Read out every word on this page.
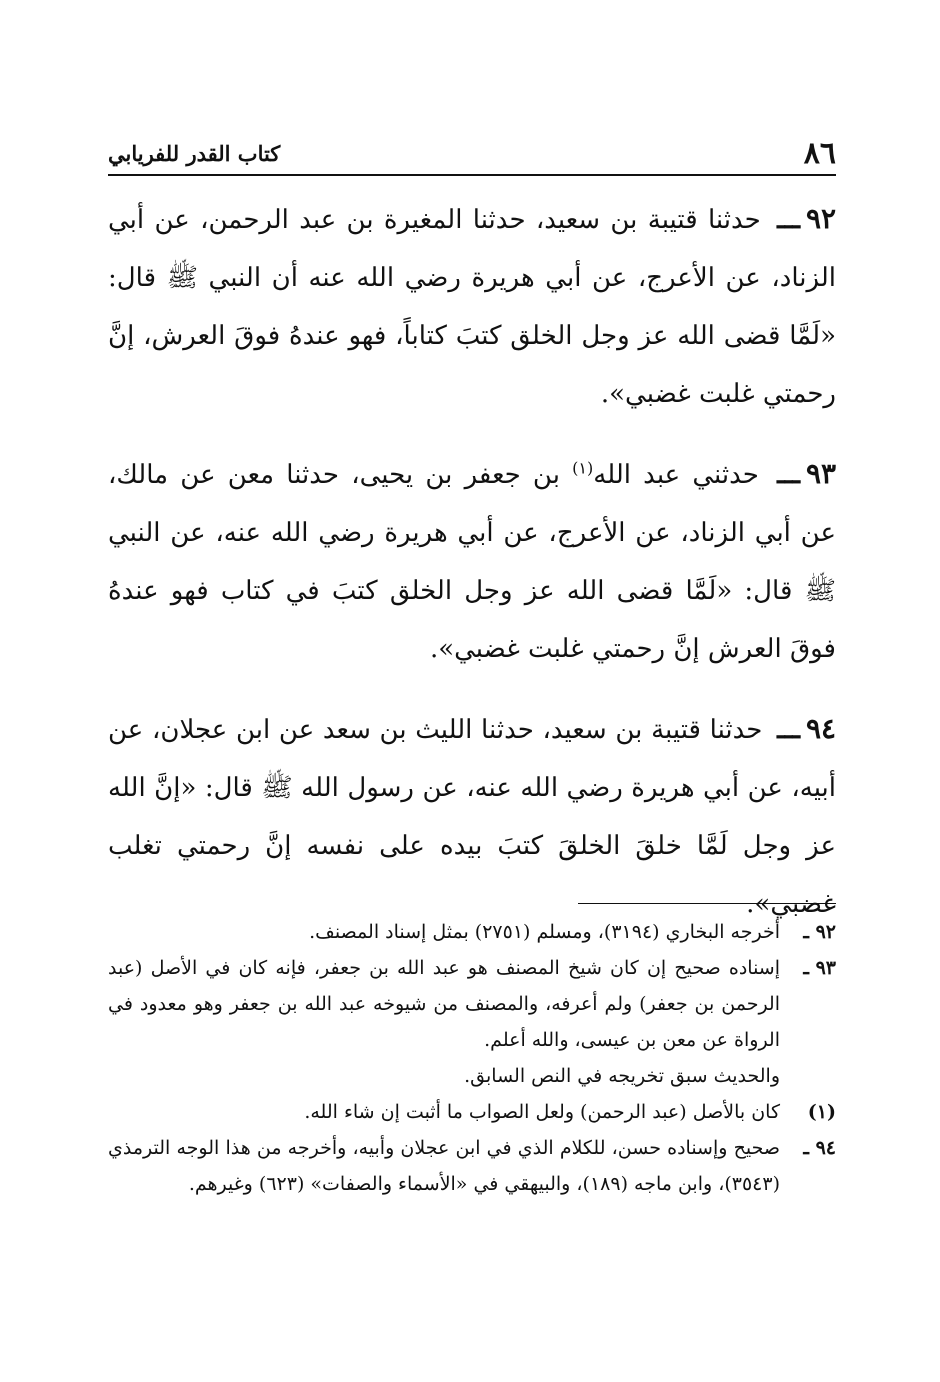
٨٦
كتاب القدر للفريابي

٩٢ـــ حدثنا قتيبة بن سعيد، حدثنا المغيرة بن عبد الرحمن، عن أبي الزناد، عن الأعرج، عن أبي هريرة رضي الله عنه أن النبي ﷺ قال: «لَمَّا قضى الله عز وجل الخلق كتبَ كتاباً، فهو عندهُ فوقَ العرش، إنَّ رحمتي غلبت غضبي».

٩٣ـــ حدثني عبد الله$^{(١)}$ بن جعفر بن يحيى، حدثنا معن عن مالك، عن أبي الزناد، عن الأعرج، عن أبي هريرة رضي الله عنه، عن النبي ﷺ قال: «لَمَّا قضى الله عز وجل الخلق كتبَ في كتاب فهو عندهُ فوقَ العرش إنَّ رحمتي غلبت غضبي».

٩٤ـــ حدثنا قتيبة بن سعيد، حدثنا الليث بن سعد عن ابن عجلان، عن أبيه، عن أبي هريرة رضي الله عنه، عن رسول الله ﷺ قال: «إنَّ الله عز وجل لَمَّا خلقَ الخلقَ كتبَ بيده على نفسه إنَّ رحمتي تغلب غضبي».

٩٢ ـ
أخرجه البخاري (٣١٩٤)، ومسلم (٢٧٥١) بمثل إسناد المصنف.
٩٣ ـ
إسناده صحيح إن كان شيخ المصنف هو عبد الله بن جعفر، فإنه كان في الأصل (عبد الرحمن بن جعفر) ولم أعرفه، والمصنف من شيوخه عبد الله بن جعفر وهو معدود في الرواة عن معن بن عيسى، والله أعلم.
والحديث سبق تخريجه في النص السابق.
(١)
كان بالأصل (عبد الرحمن) ولعل الصواب ما أثبت إن شاء الله.
٩٤ ـ
صحيح وإسناده حسن، للكلام الذي في ابن عجلان وأبيه، وأخرجه من هذا الوجه الترمذي (٣٥٤٣)، وابن ماجه (١٨٩)، والبيهقي في «الأسماء والصفات» (٦٢٣) وغيرهم.
